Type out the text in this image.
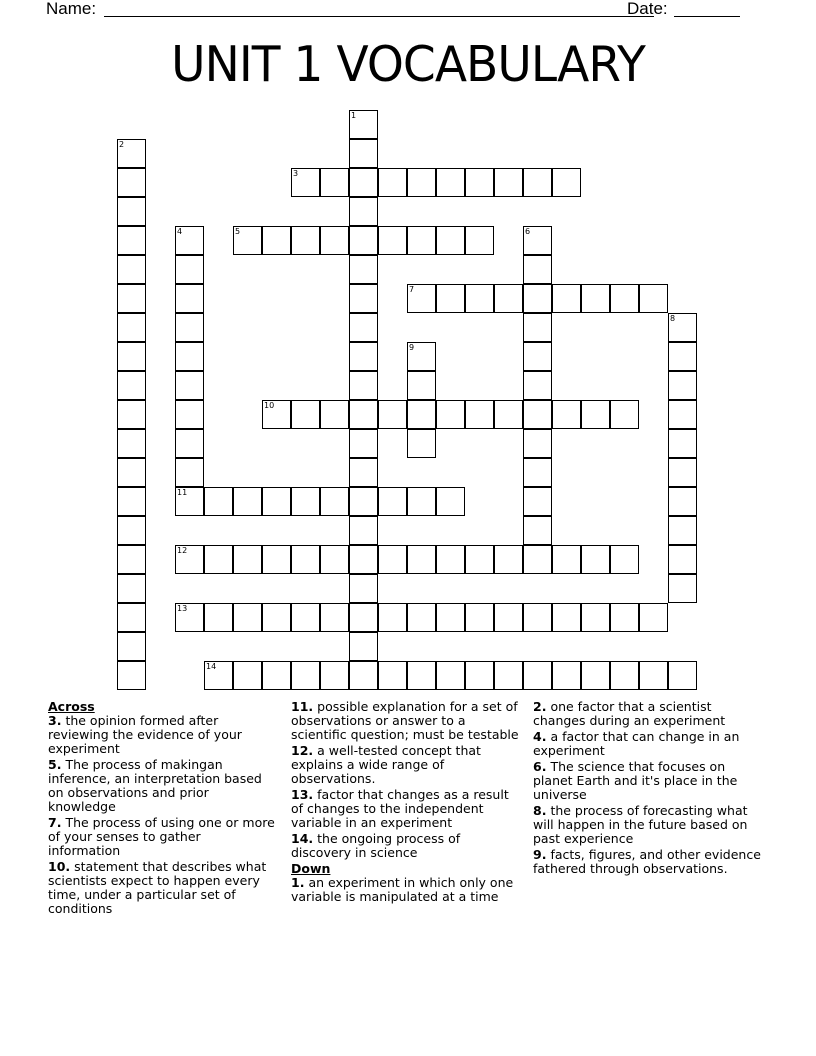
Name:	Date:
UNIT 1 VOCABULARY
1
2
3
4	5	6
7
8
9
10
11
12
13
14

Across

3. the opinion formed after reviewing the evidence of your experiment

5. The process of makingan inference, an interpretation based on observations and prior knowledge

7. The process of using one or more of your senses to gather information

10. statement that describes what scientists expect to happen every time, under a particular set of conditions

11. possible explanation for a set of observations or answer to a scientific question; must be testable

12. a well-tested concept that explains a wide range of observations.

13. factor that changes as a result of changes to the independent variable in an experiment

14. the ongoing process of discovery in science

Down

1. an experiment in which only one variable is manipulated at a time

2. one factor that a scientist changes during an experiment

4. a factor that can change in an experiment

6. The science that focuses on planet Earth and it's place in the universe

8. the process of forecasting what will happen in the future based on past experience

9. facts, figures, and other evidence fathered through observations.
